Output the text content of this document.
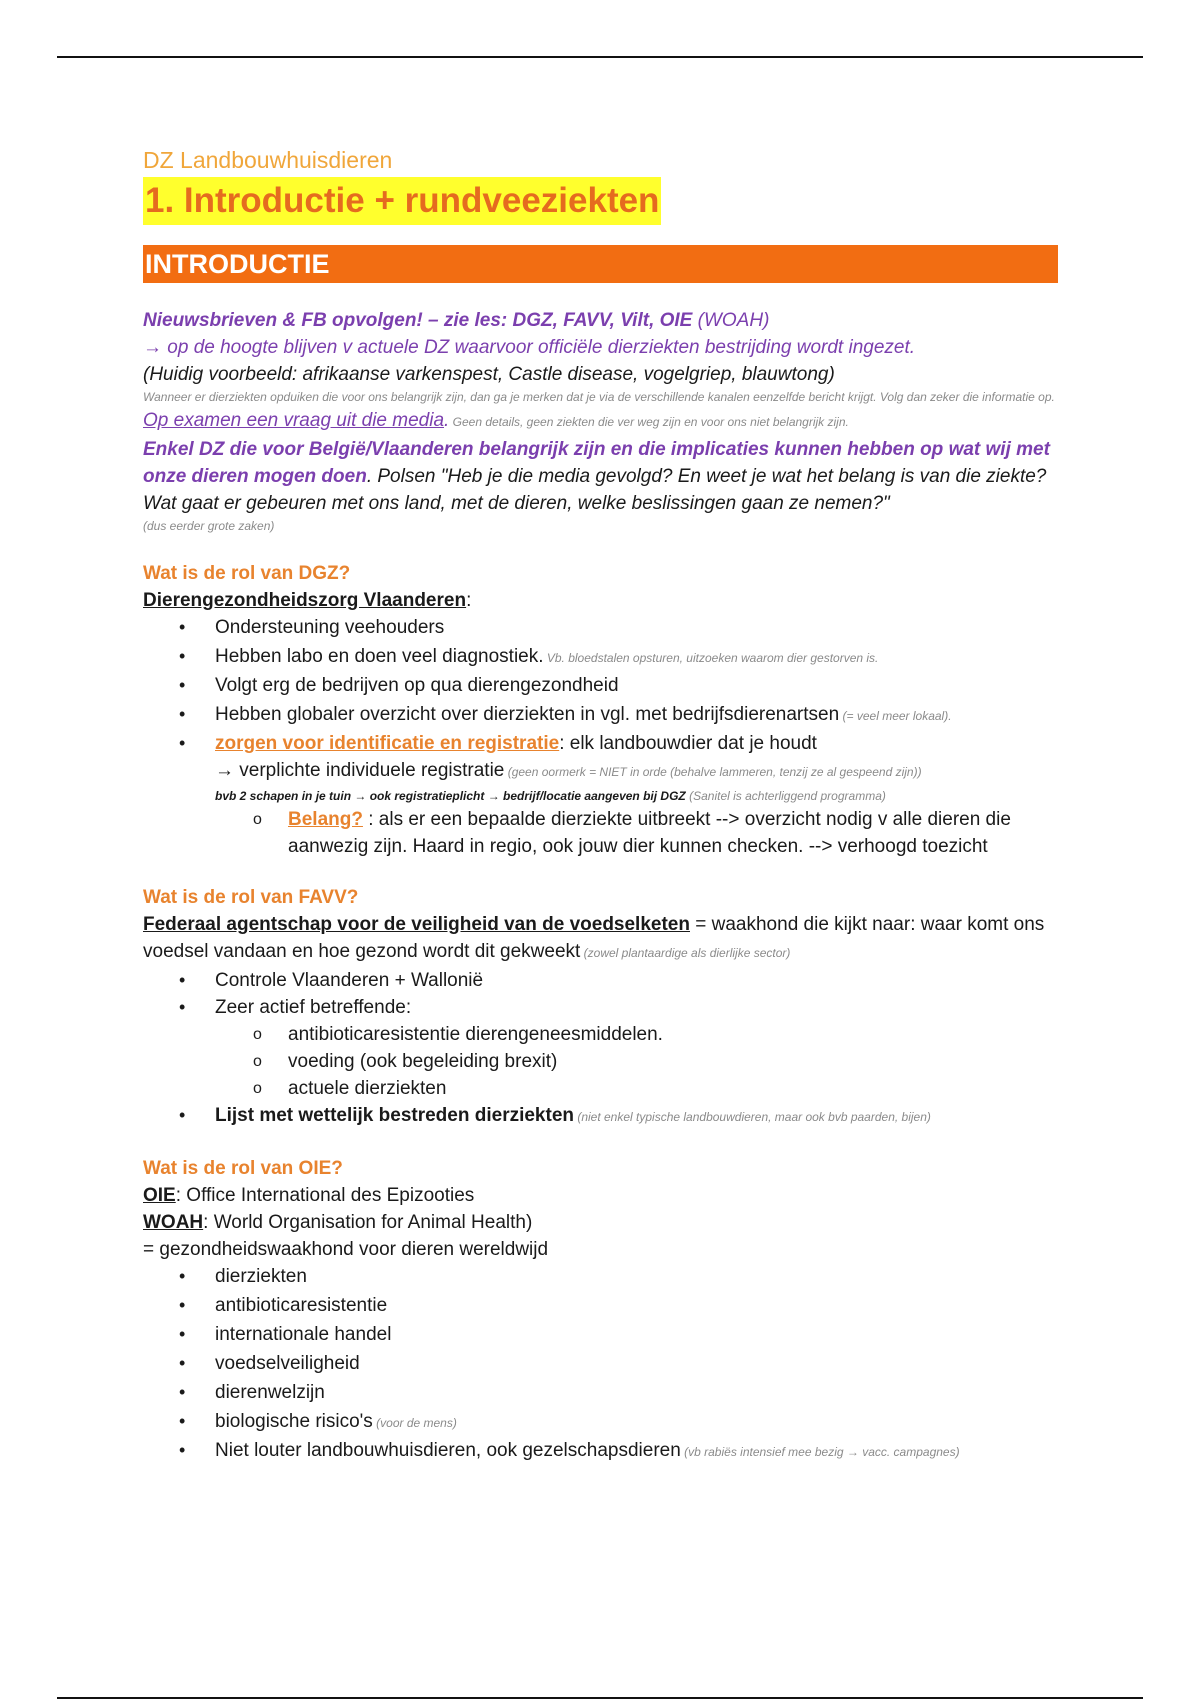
DZ Landbouwhuisdieren

1. Introductie + rundveeziekten
INTRODUCTIE

Nieuwsbrieven & FB opvolgen! – zie les: DGZ, FAVV, Vilt, OIE (WOAH)

→ op de hoogte blijven v actuele DZ waarvoor officiële dierziekten bestrijding wordt ingezet.

(Huidig voorbeeld: afrikaanse varkenspest, Castle disease, vogelgriep, blauwtong)

Wanneer er dierziekten opduiken die voor ons belangrijk zijn, dan ga je merken dat je via de verschillende kanalen eenzelfde bericht krijgt. Volg dan zeker die informatie op.

Op examen een vraag uit die media. Geen details, geen ziekten die ver weg zijn en voor ons niet belangrijk zijn.

Enkel DZ die voor België/Vlaanderen belangrijk zijn en die implicaties kunnen hebben op wat wij met onze dieren mogen doen. Polsen "Heb je die media gevolgd? En weet je wat het belang is van die ziekte? Wat gaat er gebeuren met ons land, met de dieren, welke beslissingen gaan ze nemen?"

(dus eerder grote zaken)

Wat is de rol van DGZ?

Dierengezondheidszorg Vlaanderen:

• Ondersteuning veehouders
• Hebben labo en doen veel diagnostiek. Vb. bloedstalen opsturen, uitzoeken waarom dier gestorven is.
• Volgt erg de bedrijven op qua dierengezondheid
• Hebben globaler overzicht over dierziekten in vgl. met bedrijfsdierenartsen (= veel meer lokaal).
• zorgen voor identificatie en registratie: elk landbouwdier dat je houdt

→ verplichte individuele registratie (geen oormerk = NIET in orde (behalve lammeren, tenzij ze al gespeend zijn))

bvb 2 schapen in je tuin → ook registratieplicht → bedrijf/locatie aangeven bij DGZ (Sanitel is achterliggend programma)

o Belang? : als er een bepaalde dierziekte uitbreekt --> overzicht nodig v alle dieren die aanwezig zijn. Haard in regio, ook jouw dier kunnen checken. --> verhoogd toezicht

Wat is de rol van FAVV?

Federaal agentschap voor de veiligheid van de voedselketen = waakhond die kijkt naar: waar komt ons voedsel vandaan en hoe gezond wordt dit gekweekt (zowel plantaardige als dierlijke sector)

• Controle Vlaanderen + Wallonië
• Zeer actief betreffende:
o antibioticaresistentie dierengeneesmiddelen.
o voeding (ook begeleiding brexit)
o actuele dierziekten
• Lijst met wettelijk bestreden dierziekten (niet enkel typische landbouwdieren, maar ook bvb paarden, bijen)

Wat is de rol van OIE?

OIE: Office International des Epizooties

WOAH: World Organisation for Animal Health)

= gezondheidswaakhond voor dieren wereldwijd

• dierziekten
• antibioticaresistentie
• internationale handel
• voedselveiligheid
• dierenwelzijn
• biologische risico's (voor de mens)
• Niet louter landbouwhuisdieren, ook gezelschapsdieren (vb rabiës intensief mee bezig → vacc. campagnes)
